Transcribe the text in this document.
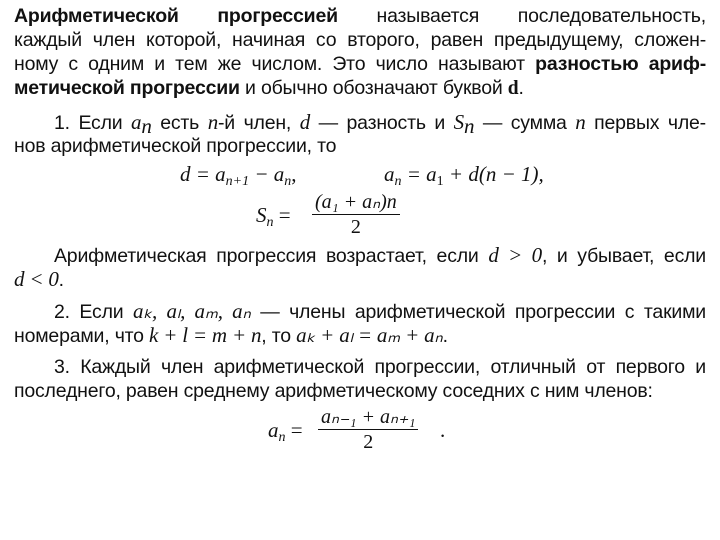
Арифметической прогрессией называется последовательность,
каждый член которой, начиная со второго, равен предыдущему, сложен-
ному с одним и тем же числом. Это число называют разностью ариф-
метической прогрессии и обычно обозначают буквой d.
1. Если $a_n$ есть n-й член, d — разность и $S_n$ — сумма n первых чле-
нов арифметической прогрессии, то
$d = a_{n+1} - a_n$,	$a_n = a_1 + d(n - 1)$,
$S_n = \frac{\text{(a₁ + aₙ)n}}{2}$
Арифметическая прогрессия возрастает, если d > 0, и убывает, если
d < 0.
2. Если aₖ, aₗ, aₘ, aₙ — члены арифметической прогрессии с такими
номерами, что k + l = m + n, то aₖ + aₗ = aₘ + aₙ.
3. Каждый член арифметической прогрессии, отличный от первого и
последнего, равен среднему арифметическому соседних с ним членов:
$a_n = \frac{\text{aₙ₋₁ + aₙ₊₁}}{2}$ .
